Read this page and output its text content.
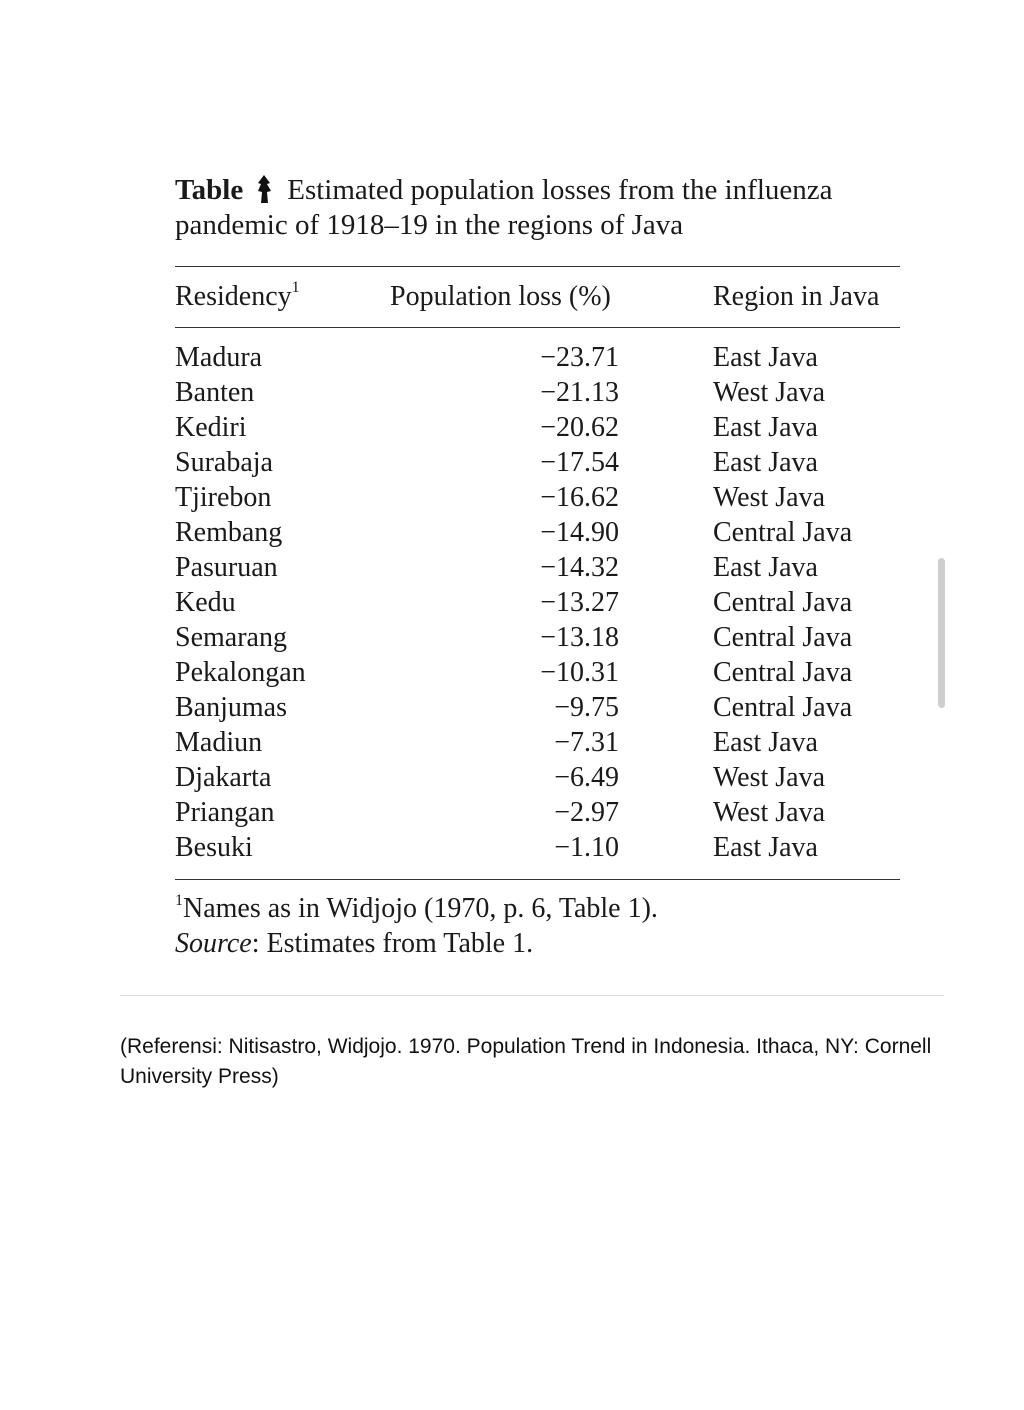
Table Estimated population losses from the influenza pandemic of 1918–19 in the regions of Java

Residency$^1$	Population loss (%)	Region in Java
Madura	−23.71	East Java
Banten	−21.13	West Java
Kediri	−20.62	East Java
Surabaja	−17.54	East Java
Tjirebon	−16.62	West Java
Rembang	−14.90	Central Java
Pasuruan	−14.32	East Java
Kedu	−13.27	Central Java
Semarang	−13.18	Central Java
Pekalongan	−10.31	Central Java
Banjumas	−9.75	Central Java
Madiun	−7.31	East Java
Djakarta	−6.49	West Java
Priangan	−2.97	West Java
Besuki	−1.10	East Java
$^1$Names as in Widjojo (1970, p. 6, Table 1).
Source: Estimates from Table 1.

(Referensi: Nitisastro, Widjojo. 1970. Population Trend in Indonesia. Ithaca, NY: Cornell University Press)
